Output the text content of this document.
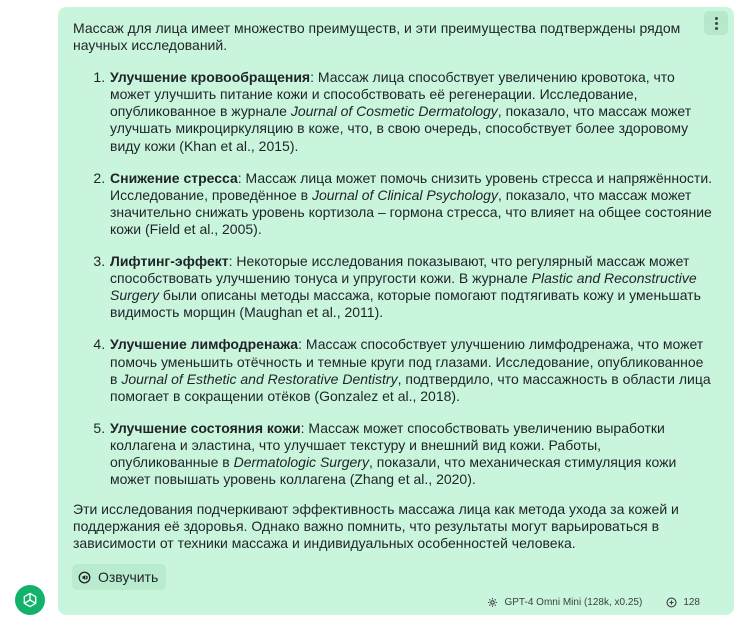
Массаж для лица имеет множество преимуществ, и эти преимущества подтверждены рядом научных исследований.

1. Улучшение кровообращения: Массаж лица способствует увеличению кровотока, что может улучшить питание кожи и способствовать её регенерации. Исследование, опубликованное в журнале Journal of Cosmetic Dermatology, показало, что массаж может улучшать микроциркуляцию в коже, что, в свою очередь, способствует более здоровому виду кожи (Khan et al., 2015).
2. Снижение стресса: Массаж лица может помочь снизить уровень стресса и напряжённости. Исследование, проведённое в Journal of Clinical Psychology, показало, что массаж может значительно снижать уровень кортизола – гормона стресса, что влияет на общее состояние кожи (Field et al., 2005).
3. Лифтинг-эффект: Некоторые исследования показывают, что регулярный массаж может способствовать улучшению тонуса и упругости кожи. В журнале Plastic and Reconstructive Surgery были описаны методы массажа, которые помогают подтягивать кожу и уменьшать видимость морщин (Maughan et al., 2011).
4. Улучшение лимфодренажа: Массаж способствует улучшению лимфодренажа, что может помочь уменьшить отёчность и темные круги под глазами. Исследование, опубликованное в Journal of Esthetic and Restorative Dentistry, подтвердило, что массажность в области лица помогает в сокращении отёков (Gonzalez et al., 2018).
5. Улучшение состояния кожи: Массаж может способствовать увеличению выработки коллагена и эластина, что улучшает текстуру и внешний вид кожи. Работы, опубликованные в Dermatologic Surgery, показали, что механическая стимуляция кожи может повышать уровень коллагена (Zhang et al., 2020).

Эти исследования подчеркивают эффективность массажа лица как метода ухода за кожей и поддержания её здоровья. Однако важно помнить, что результаты могут варьироваться в зависимости от техники массажа и индивидуальных особенностей человека.

Озвучить
GPT-4 Omni Mini (128k, x0.25)	128
